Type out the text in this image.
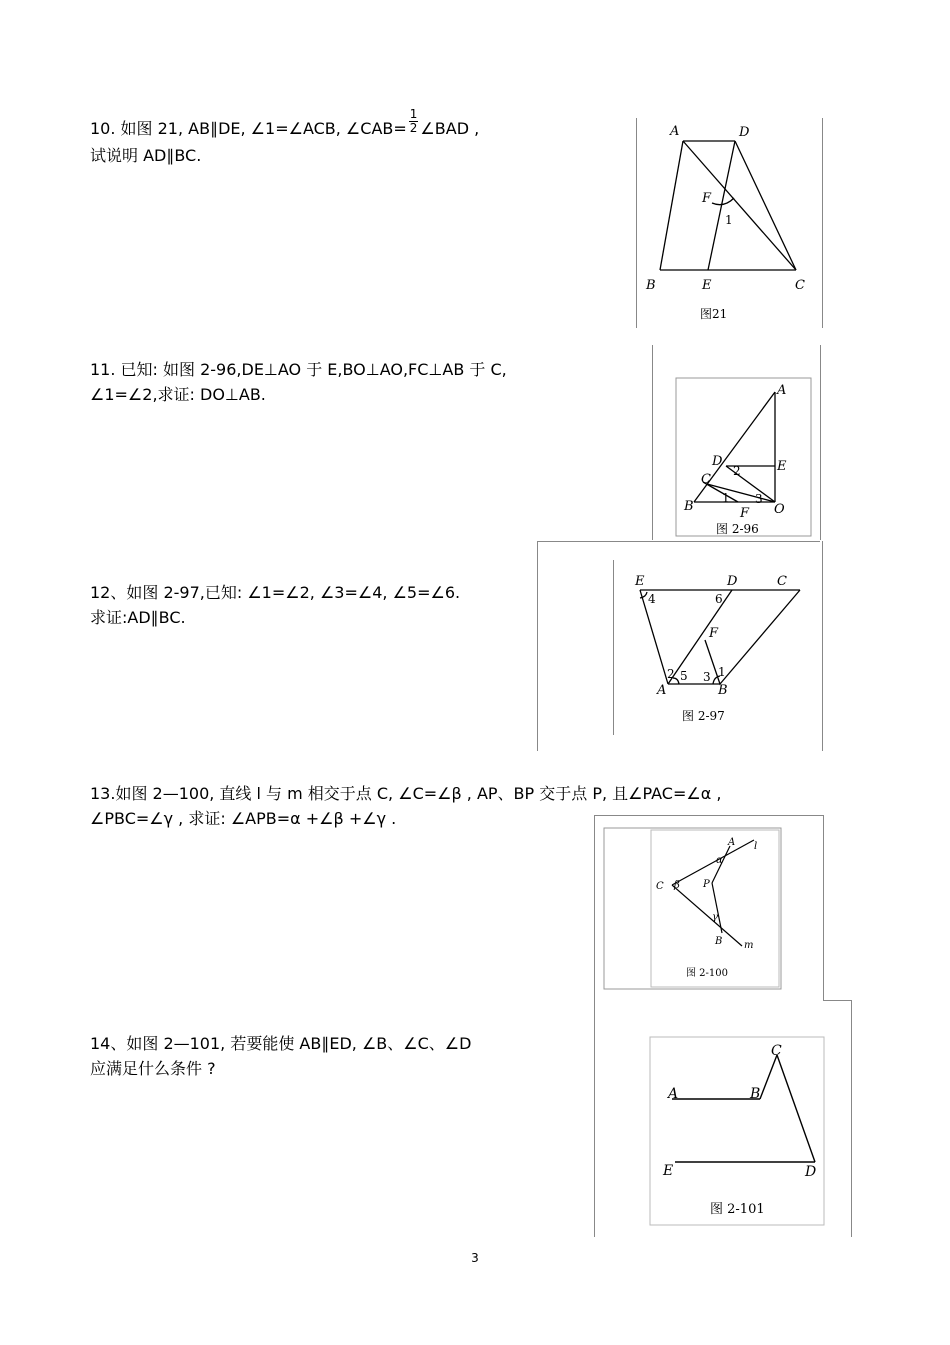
10. 如图 21, AB∥DE, ∠1=∠ACB, ∠CAB= $\frac{1}{2}$ ∠BAD ,

试说明 AD∥BC.

A	D
F
1
B	E	C
图21

11. 已知: 如图 2-96,DE⊥AO 于 E,BO⊥AO,FC⊥AB 于 C,

∠1=∠2,求证: DO⊥AB.	A
D
2	E
C
1 3
B	F O
图 2-96

12、如图 2-97,已知: ∠1=∠2, ∠3=∠4, ∠5=∠6.

求证:AD∥BC.

E	D	C
4	6
F
2 5 3 1
A	B
图 2-97

13.如图 2—100, 直线 l 与 m 相交于点 C, ∠C=∠β , AP、BP 交于点 P, 且∠PAC=∠α ,

∠PBC=∠γ , 求证: ∠APB=α +∠β +∠γ .

A l
α
C β P
γ
B m
图 2-100

14、如图 2—101, 若要能使 AB∥ED, ∠B、∠C、∠D

应满足什么条件 ?

C
A	B
E	D
图 2-101
3
